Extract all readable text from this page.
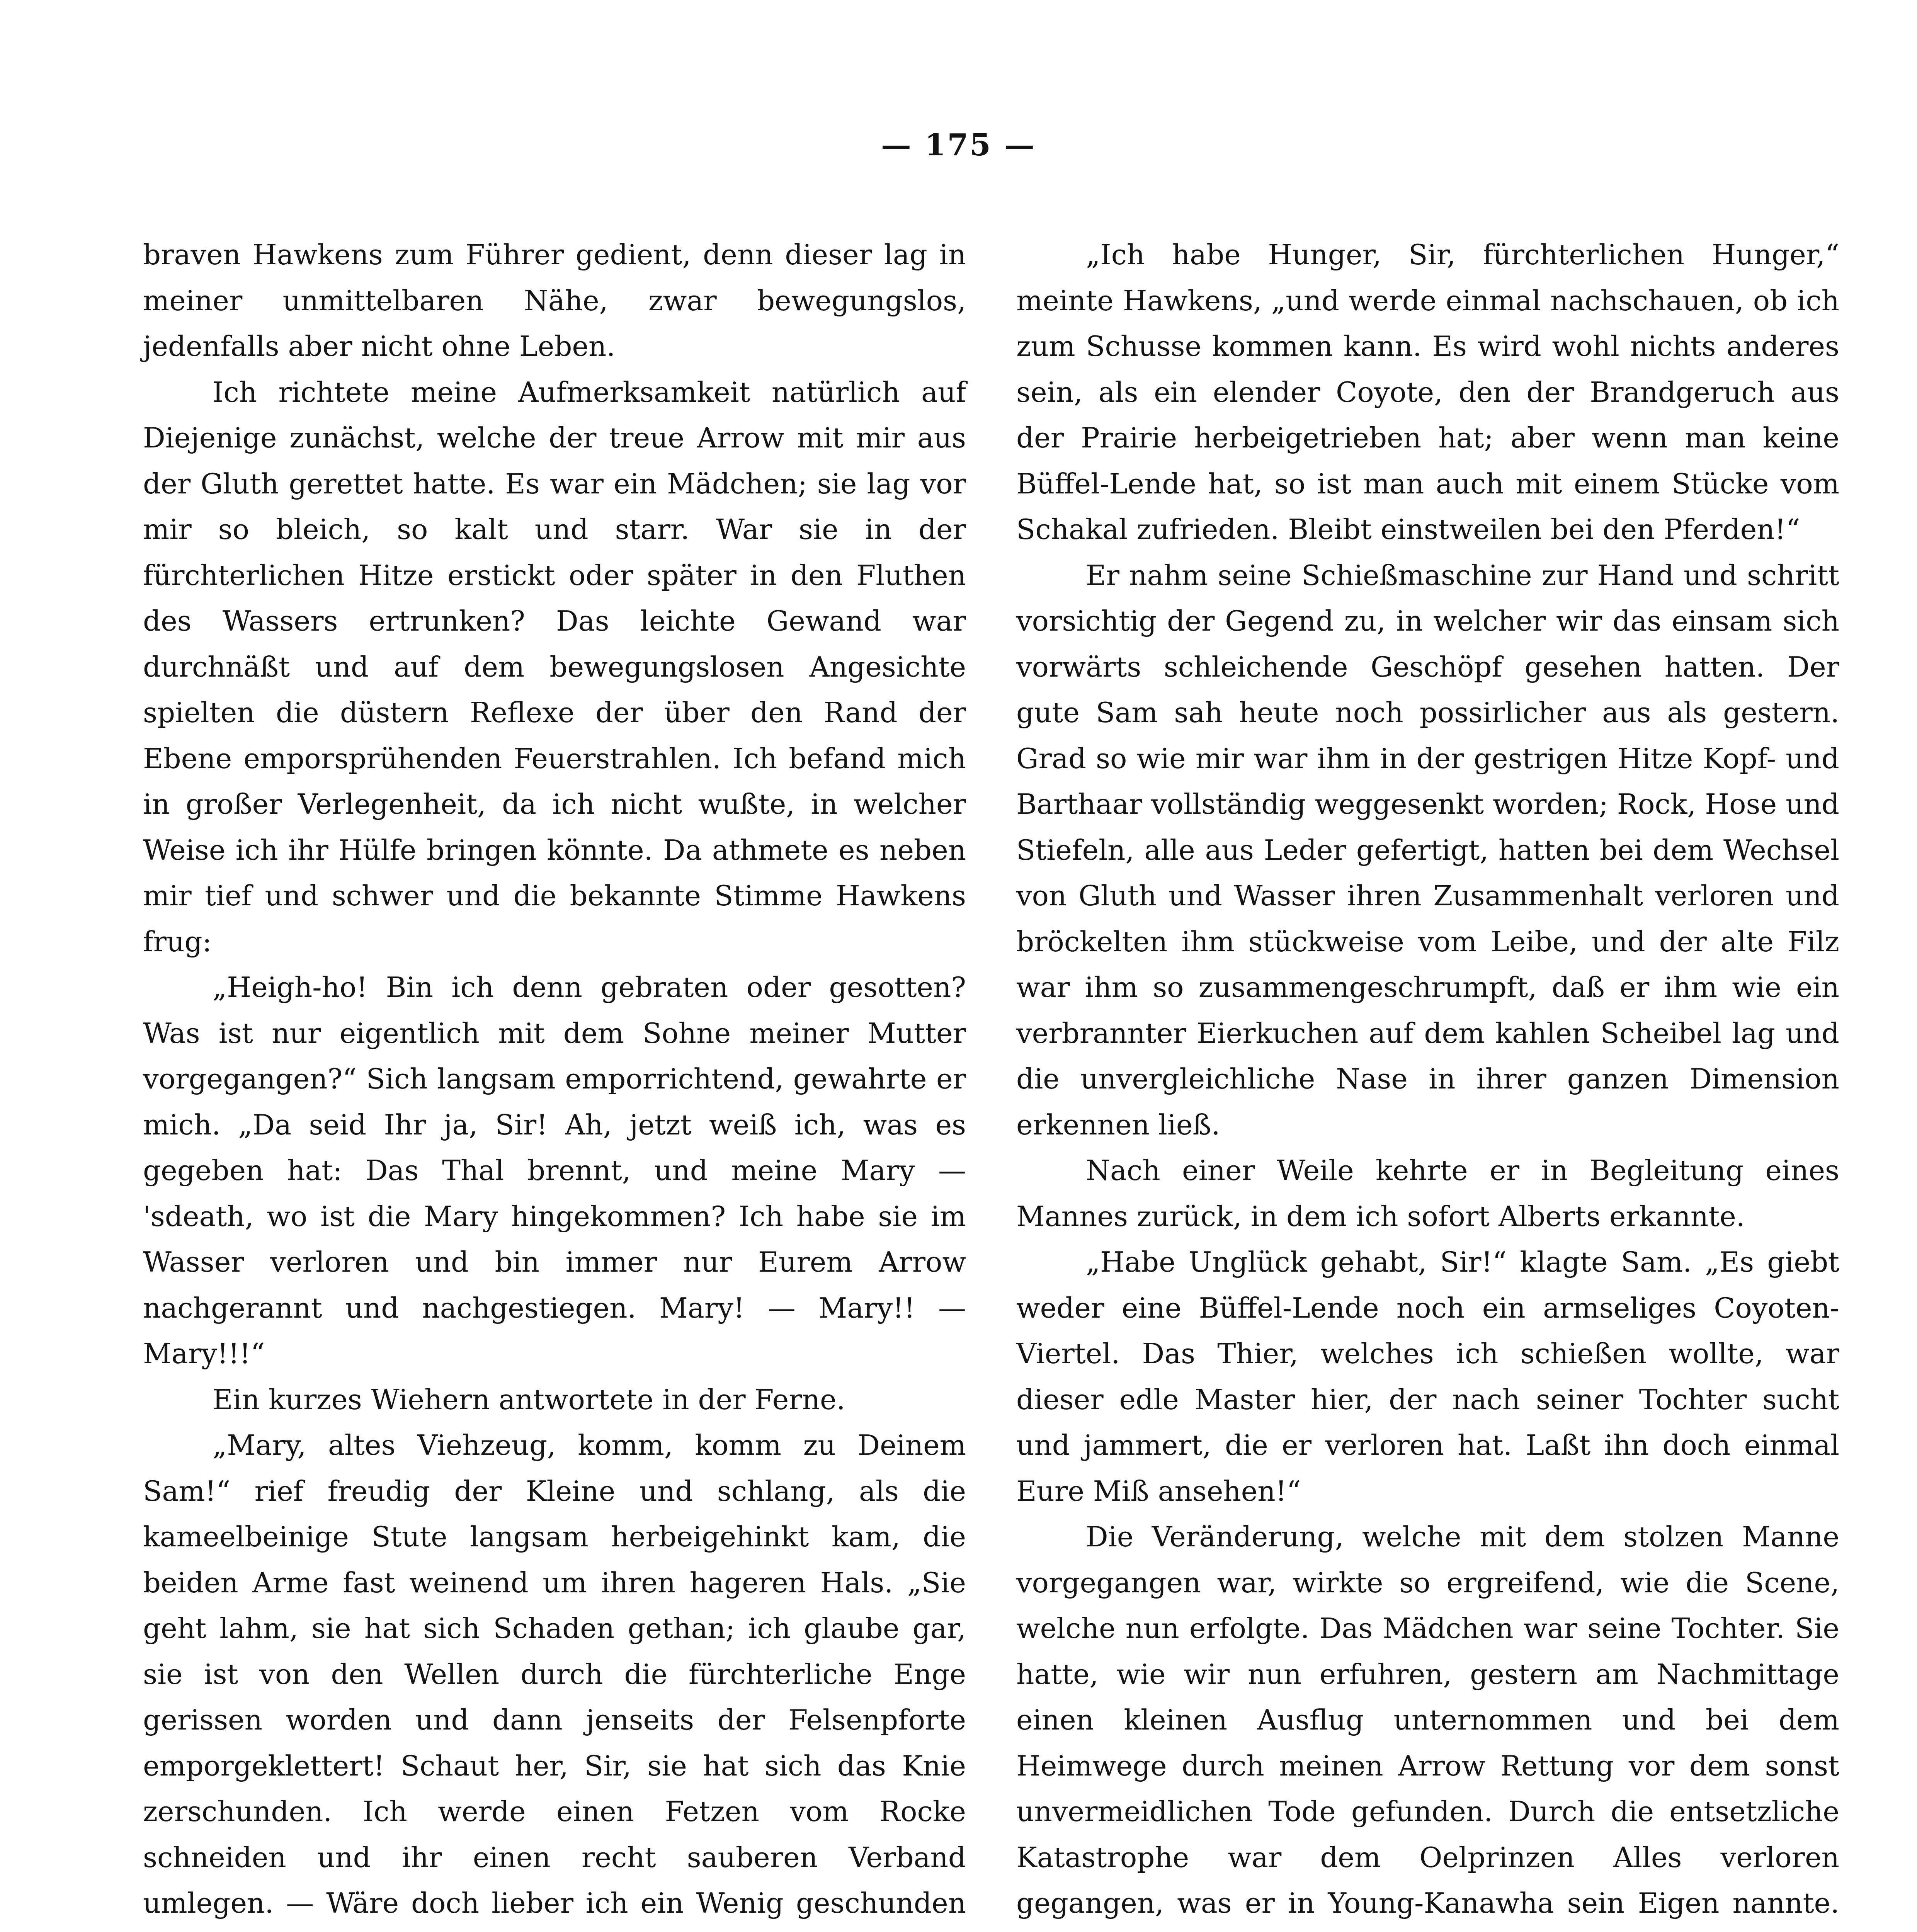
— 175 —

braven Hawkens zum Führer gedient, denn dieser lag in meiner unmittelbaren Nähe, zwar bewegungslos, jedenfalls aber nicht ohne Leben.

Ich richtete meine Aufmerksamkeit natürlich auf Diejenige zunächst, welche der treue Arrow mit mir aus der Gluth gerettet hatte. Es war ein Mädchen; sie lag vor mir so bleich, so kalt und starr. War sie in der fürchterlichen Hitze erstickt oder später in den Fluthen des Wassers ertrunken? Das leichte Gewand war durchnäßt und auf dem bewegungslosen Angesichte spielten die düstern Reflexe der über den Rand der Ebene emporsprühenden Feuerstrahlen. Ich befand mich in großer Verlegenheit, da ich nicht wußte, in welcher Weise ich ihr Hülfe bringen könnte. Da athmete es neben mir tief und schwer und die bekannte Stimme Hawkens frug:

„Heigh-ho! Bin ich denn gebraten oder gesotten? Was ist nur eigentlich mit dem Sohne meiner Mutter vorgegangen?“ Sich langsam emporrichtend, gewahrte er mich. „Da seid Ihr ja, Sir! Ah, jetzt weiß ich, was es gegeben hat: Das Thal brennt, und meine Mary — 'sdeath, wo ist die Mary hingekommen? Ich habe sie im Wasser verloren und bin immer nur Eurem Arrow nachgerannt und nachgestiegen. Mary! — Mary!! — Mary!!!“

Ein kurzes Wiehern antwortete in der Ferne.

„Mary, altes Viehzeug, komm, komm zu Deinem Sam!“ rief freudig der Kleine und schlang, als die kameelbeinige Stute langsam herbeigehinkt kam, die beiden Arme fast weinend um ihren hageren Hals. „Sie geht lahm, sie hat sich Schaden gethan; ich glaube gar, sie ist von den Wellen durch die fürchterliche Enge gerissen worden und dann jenseits der Felsenpforte emporgeklettert! Schaut her, Sir, sie hat sich das Knie zerschunden. Ich werde einen Fetzen vom Rocke schneiden und ihr einen recht sauberen Verband umlegen. — Wäre doch lieber ich ein Wenig geschunden

„Ich habe Hunger, Sir, fürchterlichen Hunger,“ meinte Hawkens, „und werde einmal nachschauen, ob ich zum Schusse kommen kann. Es wird wohl nichts anderes sein, als ein elender Coyote, den der Brandgeruch aus der Prairie herbeigetrieben hat; aber wenn man keine Büffel-Lende hat, so ist man auch mit einem Stücke vom Schakal zufrieden. Bleibt einstweilen bei den Pferden!“

Er nahm seine Schießmaschine zur Hand und schritt vorsichtig der Gegend zu, in welcher wir das einsam sich vorwärts schleichende Geschöpf gesehen hatten. Der gute Sam sah heute noch possirlicher aus als gestern. Grad so wie mir war ihm in der gestrigen Hitze Kopf- und Barthaar vollständig weggesenkt worden; Rock, Hose und Stiefeln, alle aus Leder gefertigt, hatten bei dem Wechsel von Gluth und Wasser ihren Zusammenhalt verloren und bröckelten ihm stückweise vom Leibe, und der alte Filz war ihm so zusammengeschrumpft, daß er ihm wie ein verbrannter Eierkuchen auf dem kahlen Scheibel lag und die unvergleichliche Nase in ihrer ganzen Dimension erkennen ließ.

Nach einer Weile kehrte er in Begleitung eines Mannes zurück, in dem ich sofort Alberts erkannte.

„Habe Unglück gehabt, Sir!“ klagte Sam. „Es giebt weder eine Büffel-Lende noch ein armseliges Coyoten-Viertel. Das Thier, welches ich schießen wollte, war dieser edle Master hier, der nach seiner Tochter sucht und jammert, die er verloren hat. Laßt ihn doch einmal Eure Miß ansehen!“

Die Veränderung, welche mit dem stolzen Manne vorgegangen war, wirkte so ergreifend, wie die Scene, welche nun erfolgte. Das Mädchen war seine Tochter. Sie hatte, wie wir nun erfuhren, gestern am Nachmittage einen kleinen Ausflug unternommen und bei dem Heimwege durch meinen Arrow Rettung vor dem sonst unvermeidlichen Tode gefunden. Durch die entsetzliche Katastrophe war dem Oelprinzen Alles verloren gegangen, was er in Young-Kanawha sein Eigen nannte.
